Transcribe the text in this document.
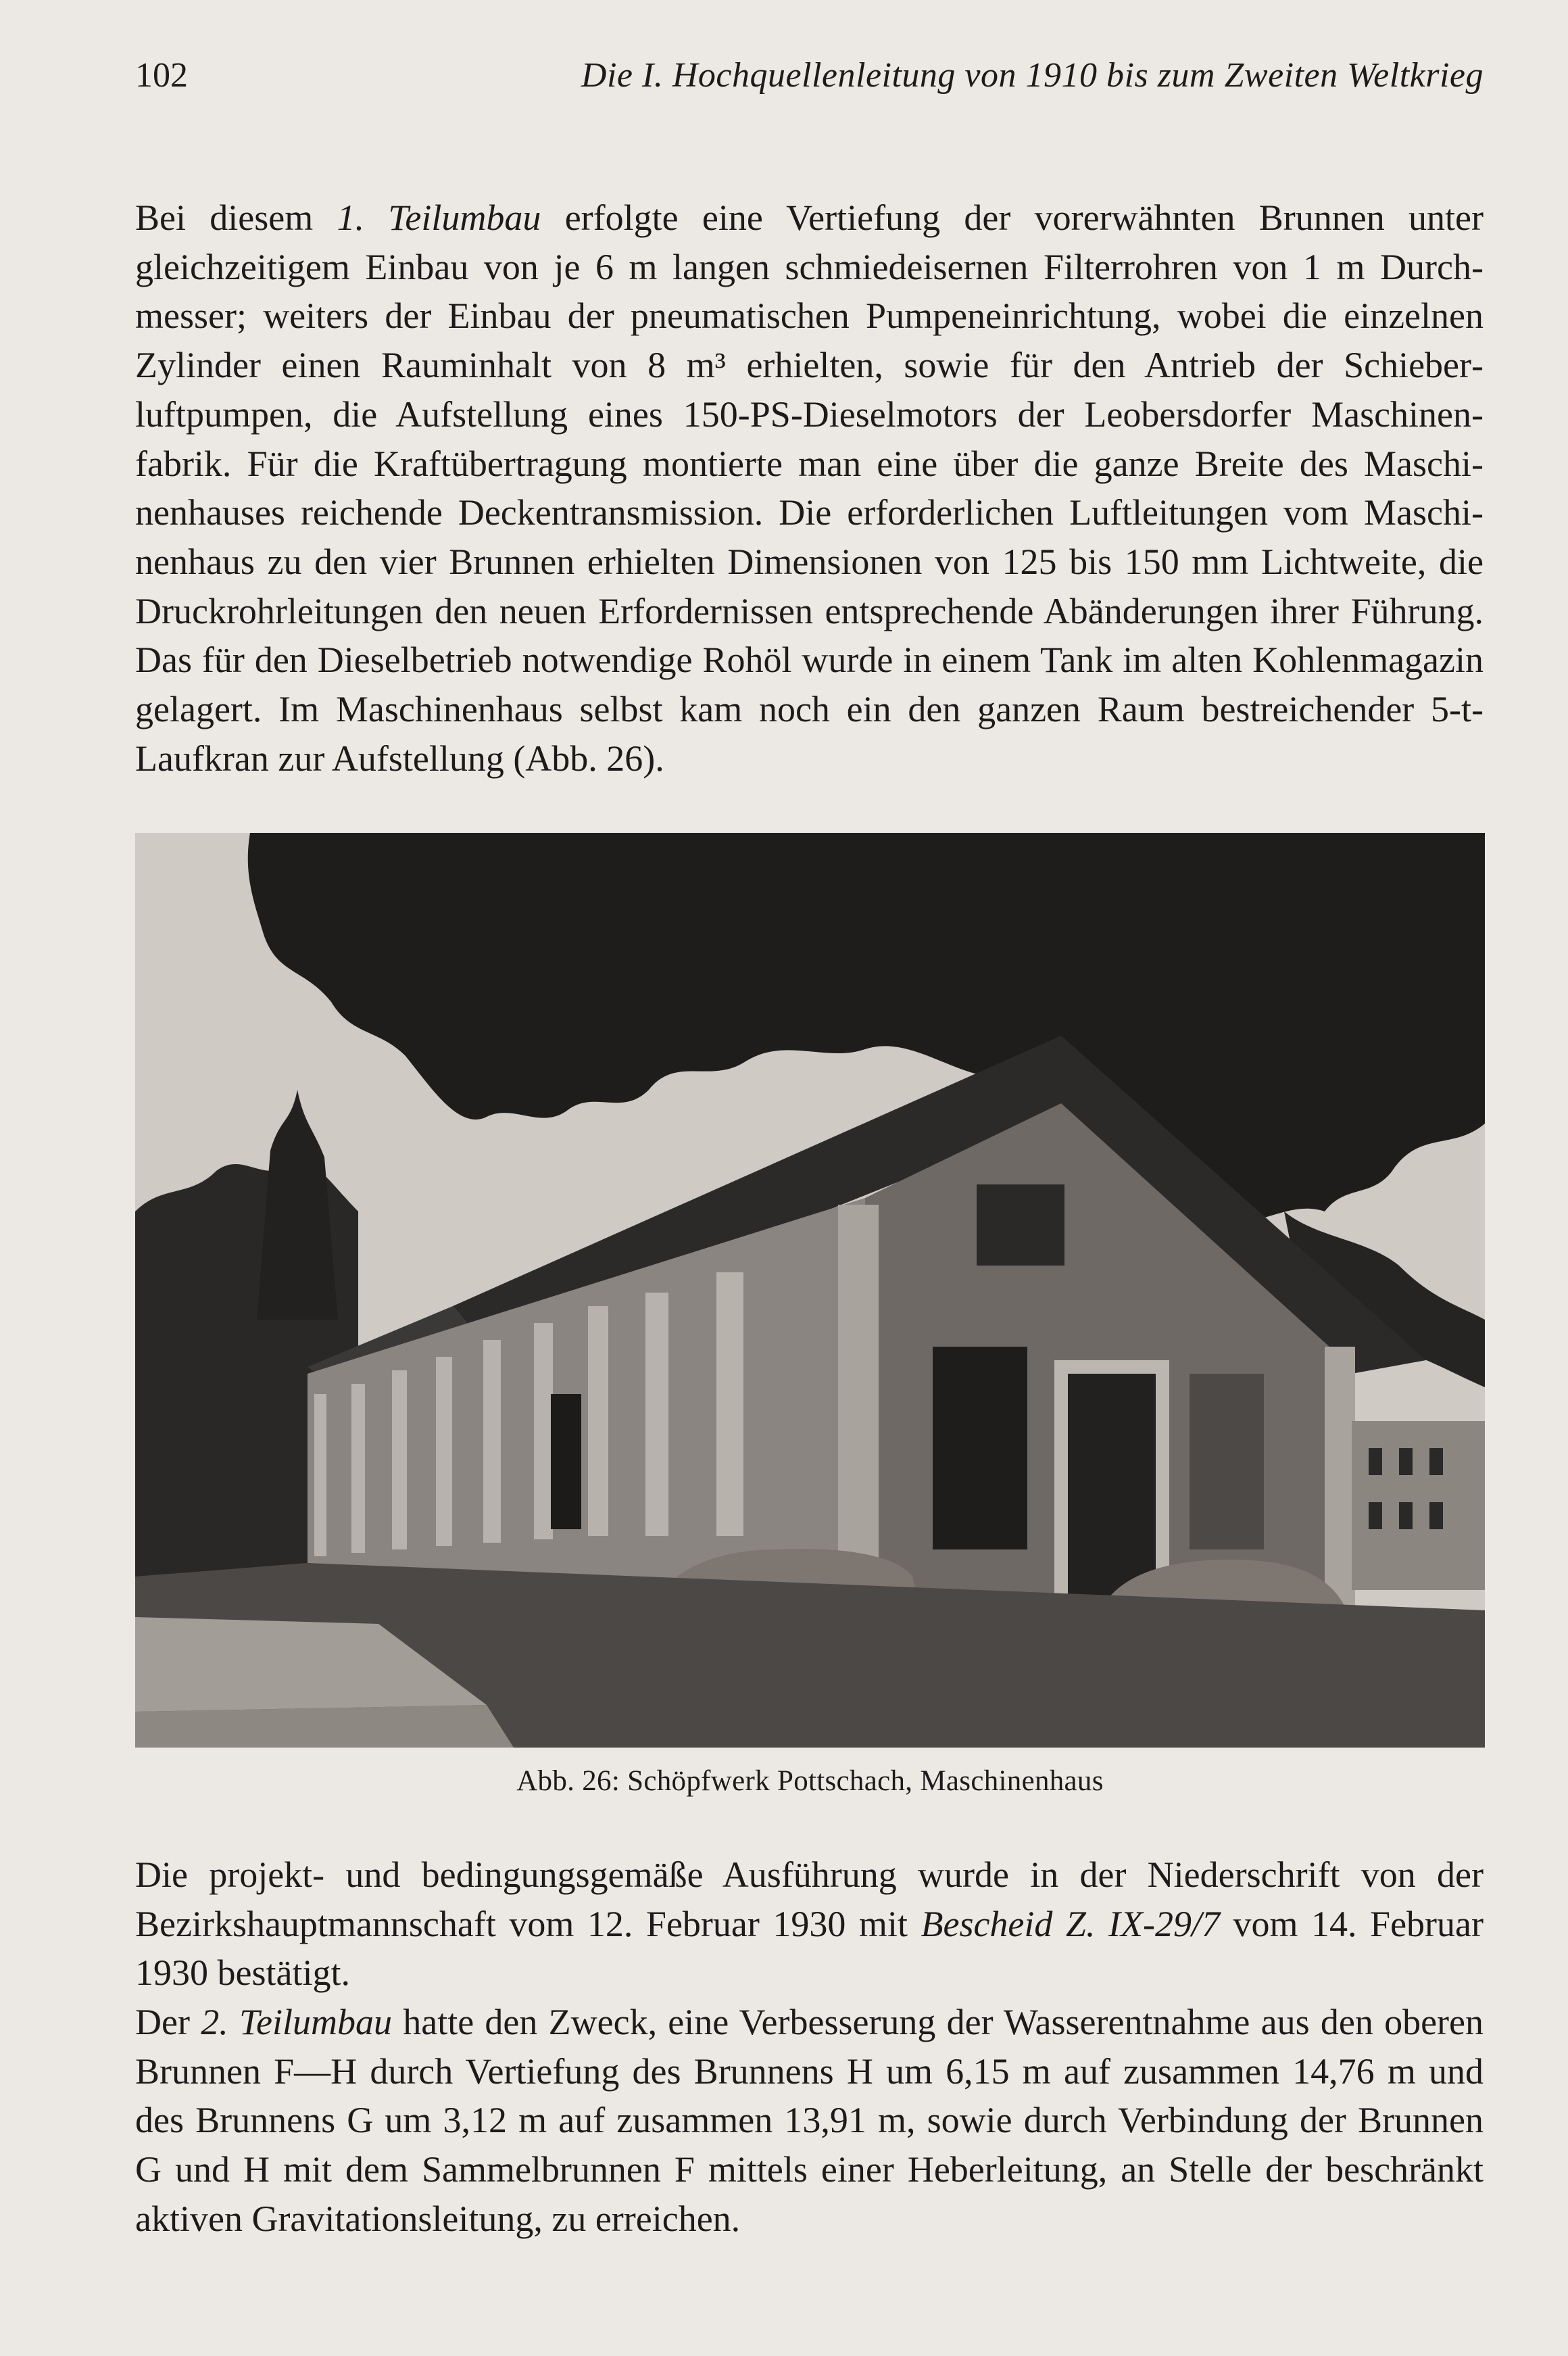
102	Die I. Hochquellenleitung von 1910 bis zum Zweiten Weltkrieg

Bei diesem 1. Teilumbau erfolgte eine Vertiefung der vorerwähnten Brunnen unter gleichzeitigem Einbau von je 6 m langen schmiedeisernen Filterrohren von 1 m Durchmesser; weiters der Einbau der pneumatischen Pumpeneinrichtung, wobei die einzelnen Zylinder einen Rauminhalt von 8 m³ erhielten, sowie für den Antrieb der Schieberluftpumpen, die Aufstellung eines 150-PS-Dieselmotors der Leobersdorfer Maschinenfabrik. Für die Kraftübertragung montierte man eine über die ganze Breite des Maschinenhauses reichende Deckentransmission. Die erforderlichen Luftleitungen vom Maschinenhaus zu den vier Brunnen erhielten Dimensionen von 125 bis 150 mm Lichtweite, die Druckrohrleitungen den neuen Erfordernissen entsprechende Abänderungen ihrer Führung. Das für den Dieselbetrieb notwendige Rohöl wurde in einem Tank im alten Kohlenmagazin gelagert. Im Maschinenhaus selbst kam noch ein den ganzen Raum bestreichender 5-t-Laufkran zur Aufstellung (Abb. 26).

Abb. 26: Schöpfwerk Pottschach, Maschinenhaus

Die projekt- und bedingungsgemäße Ausführung wurde in der Niederschrift von der Bezirkshauptmannschaft vom 12. Februar 1930 mit Bescheid Z. IX-29/7 vom 14. Februar 1930 bestätigt.

Der 2. Teilumbau hatte den Zweck, eine Verbesserung der Wasserentnahme aus den oberen Brunnen F—H durch Vertiefung des Brunnens H um 6,15 m auf zusammen 14,76 m und des Brunnens G um 3,12 m auf zusammen 13,91 m, sowie durch Verbindung der Brunnen G und H mit dem Sammelbrunnen F mittels einer Heberleitung, an Stelle der beschränkt aktiven Gravitationsleitung, zu erreichen.
